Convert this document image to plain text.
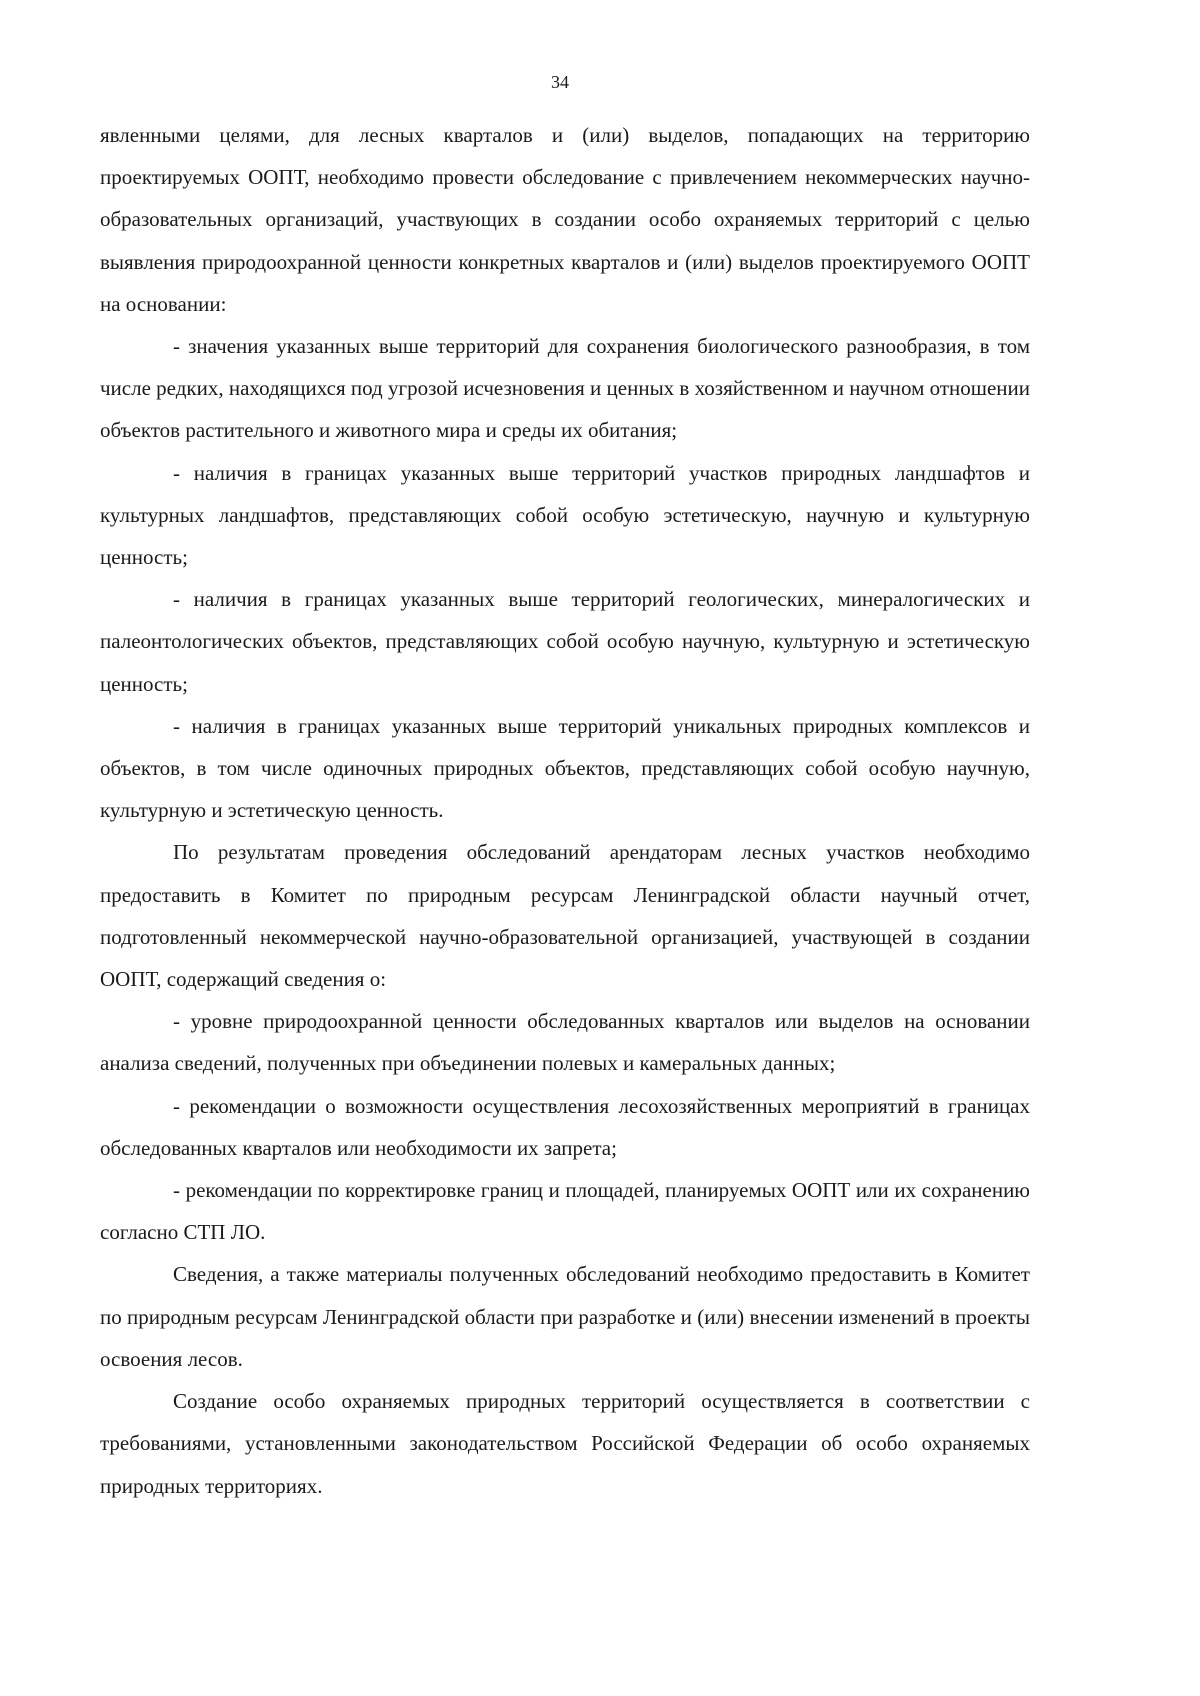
34

явленными целями, для лесных кварталов и (или) выделов, попадающих на территорию проектируемых ООПТ, необходимо провести обследование с привлечением некоммерческих научно-образовательных организаций, участвующих в создании особо охраняемых территорий с целью выявления природоохранной ценности конкретных кварталов и (или) выделов проектируемого ООПТ на основании:

- значения указанных выше территорий для сохранения биологического разнообразия, в том числе редких, находящихся под угрозой исчезновения и ценных в хозяйственном и научном отношении объектов растительного и животного мира и среды их обитания;

- наличия в границах указанных выше территорий участков природных ландшафтов и культурных ландшафтов, представляющих собой особую эстетическую, научную и культурную ценность;

- наличия в границах указанных выше территорий геологических, минералогических и палеонтологических объектов, представляющих собой особую научную, культурную и эстетическую ценность;

- наличия в границах указанных выше территорий уникальных природных комплексов и объектов, в том числе одиночных природных объектов, представляющих собой особую научную, культурную и эстетическую ценность.

По результатам проведения обследований арендаторам лесных участков необходимо предоставить в Комитет по природным ресурсам Ленинградской области научный отчет, подготовленный некоммерческой научно-образовательной организацией, участвующей в создании ООПТ, содержащий сведения о:

- уровне природоохранной ценности обследованных кварталов или выделов на основании анализа сведений, полученных при объединении полевых и камеральных данных;

- рекомендации о возможности осуществления лесохозяйственных мероприятий в границах обследованных кварталов или необходимости их запрета;

- рекомендации по корректировке границ и площадей, планируемых ООПТ или их сохранению согласно СТП ЛО.

Сведения, а также материалы полученных обследований необходимо предоставить в Комитет по природным ресурсам Ленинградской области при разработке и (или) внесении изменений в проекты освоения лесов.

Создание особо охраняемых природных территорий осуществляется в соответствии с требованиями, установленными законодательством Российской Федерации об особо охраняемых природных территориях.
